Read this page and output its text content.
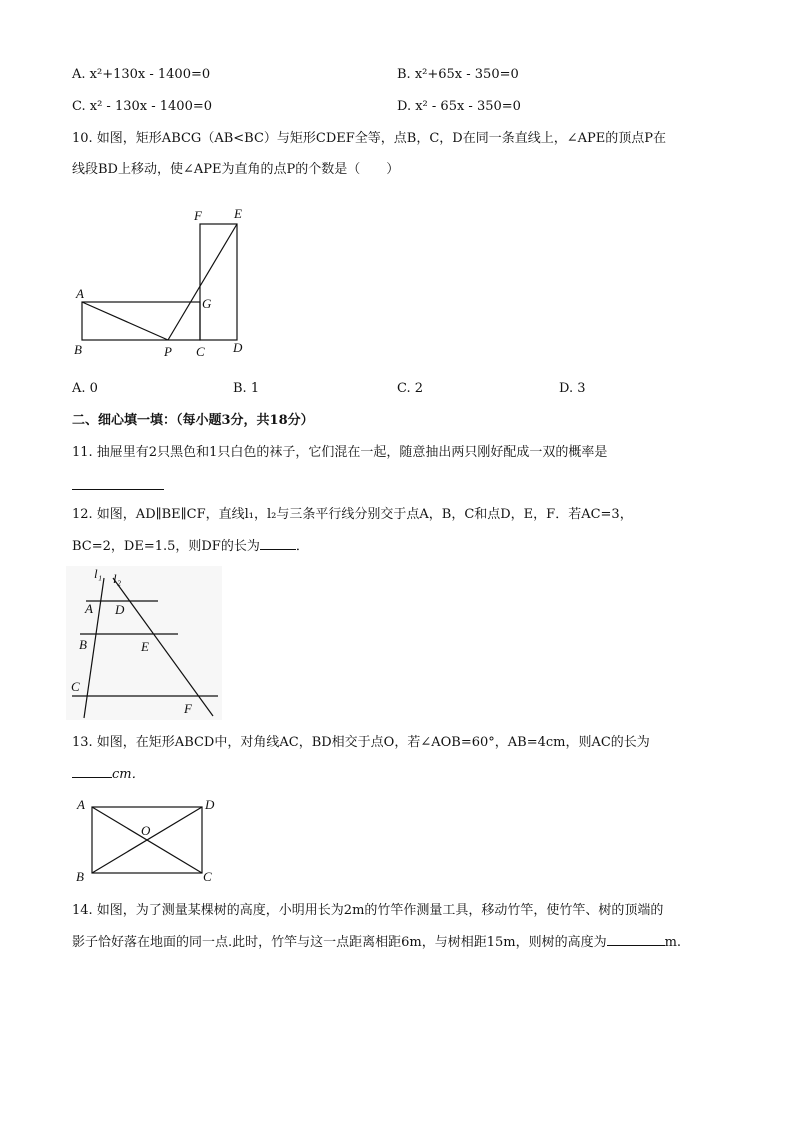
A. x²+130x - 1400=0	B. x²+65x - 350=0
C. x² - 130x - 1400=0	D. x² - 65x - 350=0
10. 如图，矩形ABCG（AB<BC）与矩形CDEF全等，点B，C，D在同一条直线上，∠APE的顶点P在
线段BD上移动，使∠APE为直角的点P的个数是（　　）
A
B	P C D
G
F E
A. 0	B. 1	C. 2	D. 3
二、细心填一填：（每小题3分，共18分）
11. 抽屉里有2只黑色和1只白色的袜子，它们混在一起，随意抽出两只刚好配成一双的概率是
12. 如图，AD∥BE∥CF，直线l₁，l₂与三条平行线分别交于点A，B，C和点D，E，F．若AC=3，
BC=2，DE=1.5，则DF的长为	．
l₁ l₂
A D
B	E
C
F
13. 如图，在矩形ABCD中，对角线AC，BD相交于点O，若∠AOB=60°，AB=4cm，则AC的长为
cm．
A	D
O
B	C
14. 如图，为了测量某棵树的高度，小明用长为2m的竹竿作测量工具，移动竹竿，使竹竿、树的顶端的
影子恰好落在地面的同一点.此时，竹竿与这一点距离相距6m，与树相距15m，则树的高度为	m.
